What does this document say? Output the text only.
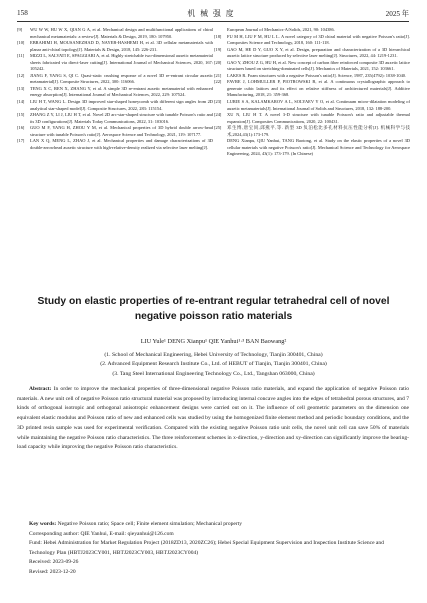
158	机械强度	2025 年

[9] WU W W, HU W X, QIAN G A, et al. Mechanical design and multifunctional applications of chiral mechanical metamaterials: a review[J]. Materials & Design, 2019, 180: 107950.

[10] EBRAHIMI H, MOUSANEZHAD D, NAYEB-HASHEMI H, et al. 3D cellular metamaterials with planar anti-chiral topology[J]. Materials & Design, 2018, 145: 226-231.

[11] MIZZI L, SALVATI E, SPAGGIARI A, et al. Highly stretchable two-dimensional auxetic metamaterial sheets fabricated via direct-laser cutting[J]. International Journal of Mechanical Sciences, 2020, 167: 105242.

[12] JIANG F, YANG S, QI C. Quasi-static crushing response of a novel 3D re-entrant circular auxetic metamaterial[J]. Composite Structures, 2022, 300: 116066.

[13] TENG X C, REN X, ZHANG Y, et al. A simple 3D re-entrant auxetic metamaterial with enhanced energy absorption[J]. International Journal of Mechanical Sciences, 2022, 229: 107524.

[14] LIU H T, WANG L. Design 3D improved star-shaped honeycomb with different sign angles from 2D analytical star-shaped model[J]. Composite Structures, 2022, 283: 115154.

[15] ZHANG Z Y, LI J, LIU H T, et al. Novel 2D arc-star-shaped structure with tunable Poisson's ratio and its 3D configurations[J]. Materials Today Communications, 2022, 31: 103016.

[16] GUO M F, YANG H, ZHOU Y M, et al. Mechanical properties of 3D hybrid double arrow-head structure with tunable Poisson's ratio[J]. Aerospace Science and Technology, 2021, 119: 107177.

[17] LAN X Q, MENG L, ZHAO J, et al. Mechanical properties and damage characterizations of 3D double-arrowhead auxetic structure with high-relative-density realized via selective laser melting[J].

European Journal of Mechanics-A/Solids, 2021, 90: 104386.

[18] FU M H, LIU F M, HU L L. A novel category of 3D chiral material with negative Poisson's ratio[J]. Composites Science and Technology, 2018, 160: 111-118.

[19] GAO M, HE D Y, GUO X Y, et al. Design, preparation and characterization of a 3D hierarchical auxetic lattice structure produced by selective laser melting[J]. Structures, 2022, 44: 1219-1231.

[20] GAO Y, ZHOU Z G, HU H, et al. New concept of carbon fiber reinforced composite 3D auxetic lattice structures based on stretching-dominated cells[J]. Mechanics of Materials, 2021, 152: 103661.

[21] LAKES R. Foam structures with a negative Poisson's ratio[J]. Science, 1987, 235(4792): 1038-1040.

[22] FAVRE J, LOHMULLER P, PIOTROWSKI B, et al. A continuous crystallographic approach to generate cubic lattices and its effect on relative stiffness of architectured materials[J]. Additive Manufacturing, 2018, 21: 359-368.

[23] LURIE S A, KALAMKAROV A L, SOLYAEV Y O, et al. Continuum micro-dilatation modeling of auxetic metamaterials[J]. International Journal of Solids and Structures, 2018, 132: 188-200.

[24] XU N, LIU H T. A novel 3-D structure with tunable Poisson's ratio and adjustable thermal expansion[J]. Composites Communications, 2020, 22: 100431.

[25] 邓生博,唐宝同,邱燕平,等. 新型 3D 负泊松比多孔材料抗压性能分析[J]. 机械科学与技术,2024,43(1):173-179.

DENG Xianpu, QIU Yanhui, TANG Baotong, et al. Study on the elastic properties of a novel 3D cellular materials with negative Poisson's ratio[J]. Mechanical Science and Technology for Aerospace Engineering, 2024, 43(1): 173-179. (In Chinese)

Study on elastic properties of re-entrant regular tetrahedral cell of novel negative poisson ratio materials
LIU Yule¹ DENG Xianpu¹ QIE Yanhui¹·³ BAN Baowang²

(1. School of Mechanical Engineering, Hebei University of Technology, Tianjin 300401, China)

(2. Advanced Equipment Research Institute Co., Ltd. of HEBUT of Tianjin, Tianjin 300401, China)

(3. Tang Steel International Engineering Technology Co., Ltd., Tangshan 063000, China)

Abstract: In order to improve the mechanical properties of three-dimensional negative Poisson ratio materials, and expand the application of negative Poisson ratio materials. A new unit cell of negative Poisson ratio structural material was proposed by introducing internal concave angles into the edges of tetrahedral porous structures, and 7 kinds of orthogonal isotropic and orthogonal anisotropic enhancement designs were carried out on it. The influence of cell geometric parameters on the dimension one equivalent elastic modulus and Poisson ratio of new and enhanced cells was studied by using the homogenized finite element method and periodic boundary conditions, and the 3D printed resin sample was used for experimental verification. Compared with the existing negative Poisson ratio unit cells, the novel unit cell can save 50% of materials while maintaining the negative Poisson ratio characteristics. The three reinforcement schemes in x-direction, y-direction and xy-direction can significantly improve the bearing-load capacity while improving the negative Poisson ratio characteristics.

Key words: Negative Poisson ratio; Space cell; Finite element simulation; Mechanical property

Corresponding author: QIE Yanhui, E-mail: qieyanhui@126.com

Fund: Hebei Administration for Market Regulation Project (2018ZD13, 2020ZC26); Hebei Special Equipment Supervision and Inspection Institute Science and Technology Plan (HBTJ2023CY001, HBTJ2023CY003, HBTJ2023CY004)

Received: 2023-09-26

Revised: 2023-12-20
